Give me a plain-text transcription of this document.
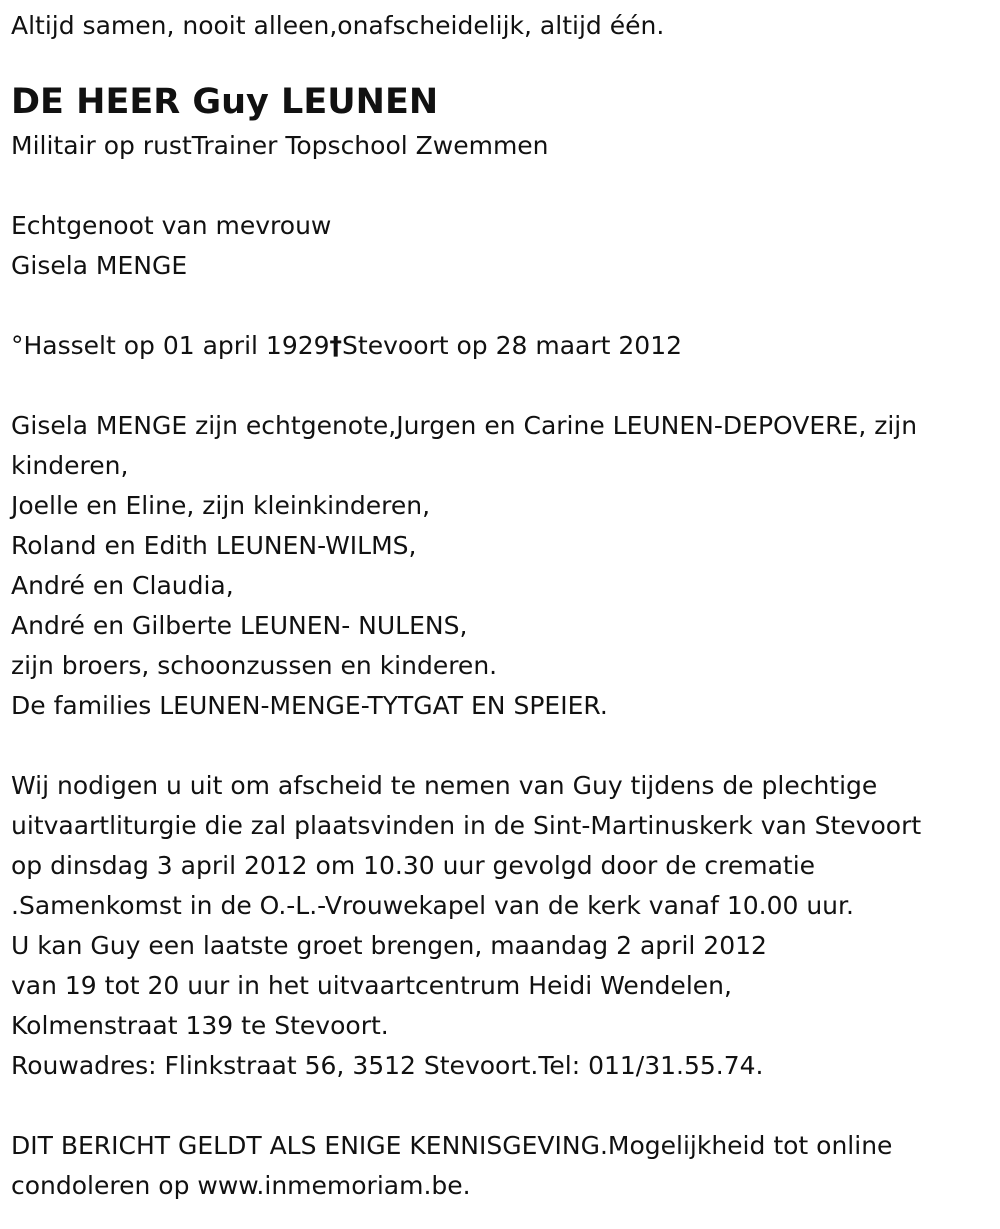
Altijd samen, nooit alleen,onafscheidelijk, altijd één.

DE HEER Guy LEUNEN

Militair op rustTrainer Topschool Zwemmen

Echtgenoot van mevrouw

Gisela MENGE

°Hasselt op 01 april 1929†Stevoort op 28 maart 2012

Gisela MENGE zijn echtgenote,Jurgen en Carine LEUNEN-DEPOVERE, zijn

kinderen,

Joelle en Eline, zijn kleinkinderen,

Roland en Edith LEUNEN-WILMS,

André en Claudia,

André en Gilberte LEUNEN- NULENS,

zijn broers, schoonzussen en kinderen.

De families LEUNEN-MENGE-TYTGAT EN SPEIER.

Wij nodigen u uit om afscheid te nemen van Guy tijdens de plechtige

uitvaartliturgie die zal plaatsvinden in de Sint-Martinuskerk van Stevoort

op dinsdag 3 april 2012 om 10.30 uur gevolgd door de crematie

.Samenkomst in de O.-L.-Vrouwekapel van de kerk vanaf 10.00 uur.

U kan Guy een laatste groet brengen, maandag 2 april 2012

van 19 tot 20 uur in het uitvaartcentrum Heidi Wendelen,

Kolmenstraat 139 te Stevoort.

Rouwadres: Flinkstraat 56, 3512 Stevoort.Tel: 011/31.55.74.

DIT BERICHT GELDT ALS ENIGE KENNISGEVING.Mogelijkheid tot online

condoleren op www.inmemoriam.be.
